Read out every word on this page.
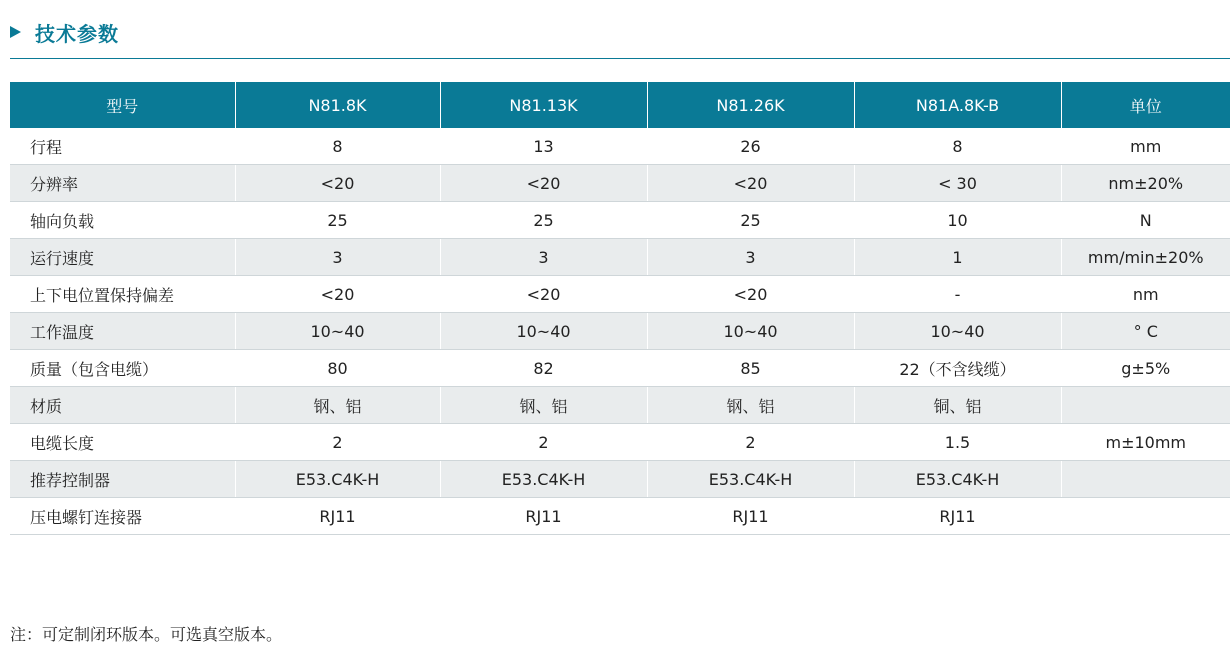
技术参数
型号	N81.8K	N81.13K	N81.26K	N81A.8K-B	单位
行程	8	13	26	8	mm
分辨率	<20	<20	<20	< 30	nm±20%
轴向负载	25	25	25	10	N
运行速度	3	3	3	1	mm/min±20%
上下电位置保持偏差	<20	<20	<20	-	nm
工作温度	10~40	10~40	10~40	10~40	° C
质量（包含电缆）	80	82	85	22（不含线缆）	g±5%
材质	钢、铝	钢、铝	钢、铝	铜、铝	
电缆长度	2	2	2	1.5	m±10mm
推荐控制器	E53.C4K-H	E53.C4K-H	E53.C4K-H	E53.C4K-H	
压电螺钉连接器	RJ11	RJ11	RJ11	RJ11	
注：可定制闭环版本。可选真空版本。
